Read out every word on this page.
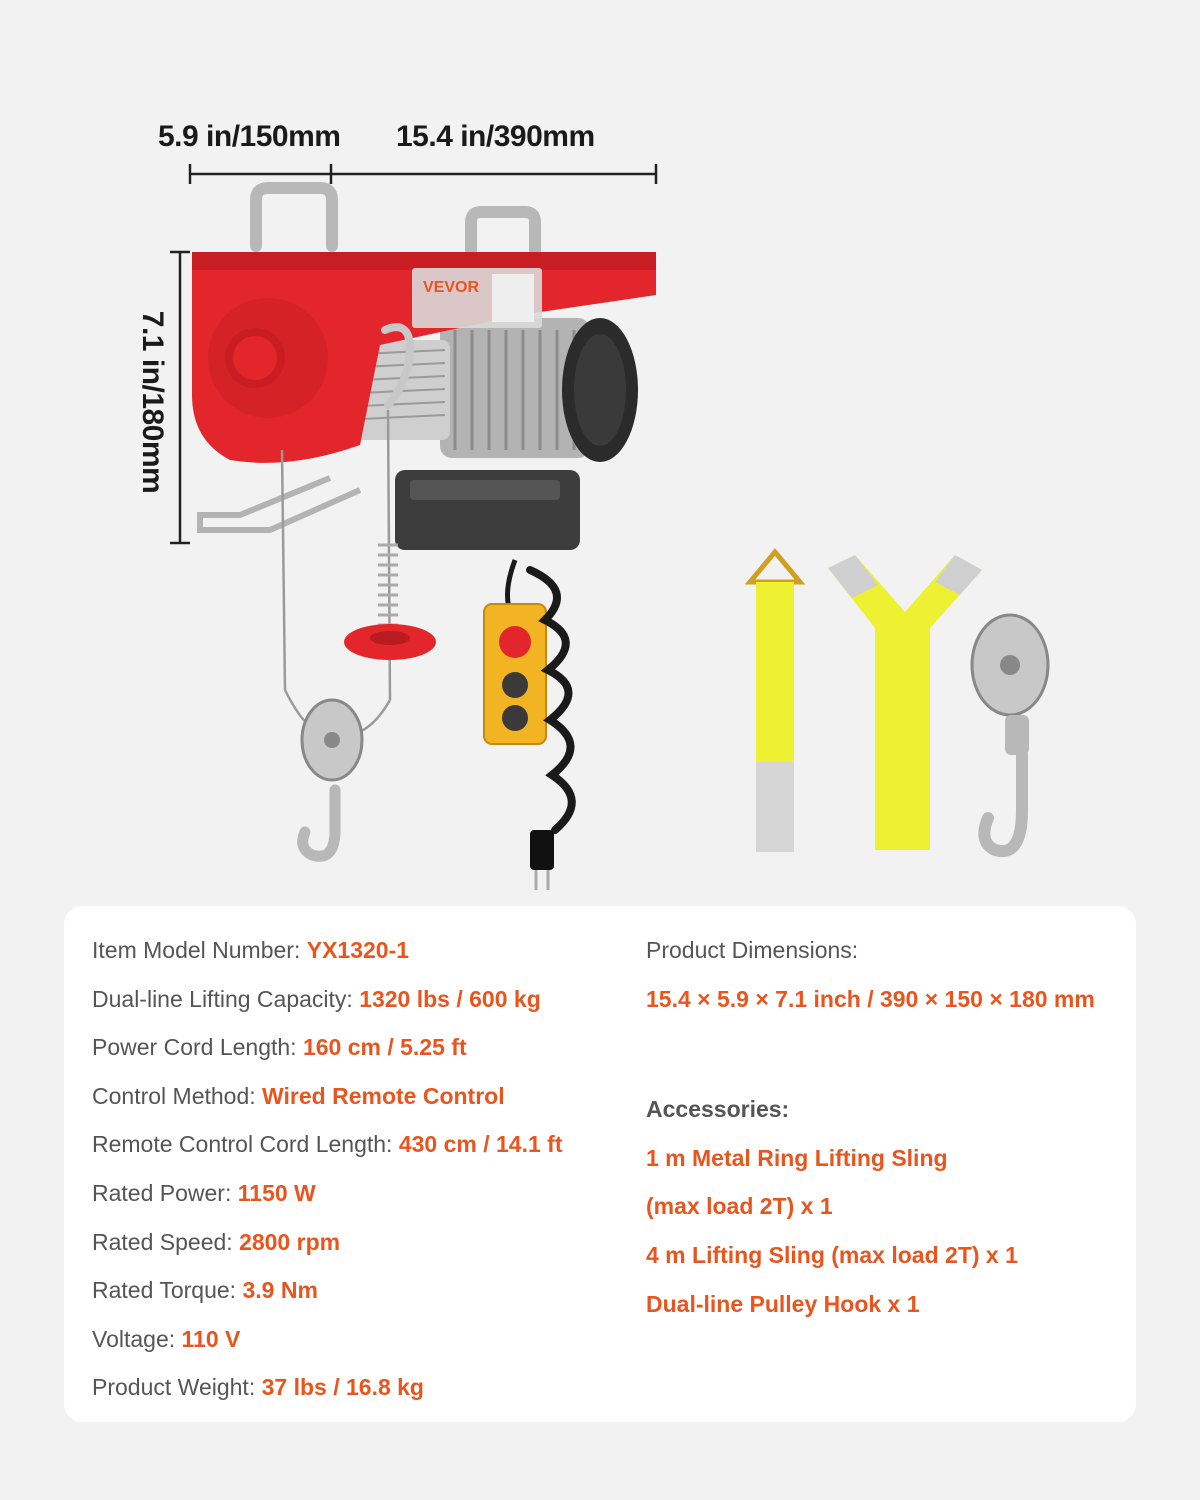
5.9 in/150mm 15.4 in/390mm
7.1 in/180mm
VEVOR
Item Model Number: YX1320-1
Dual-line Lifting Capacity: 1320 lbs / 600 kg
Power Cord Length: 160 cm / 5.25 ft
Control Method: Wired Remote Control
Remote Control Cord Length: 430 cm / 14.1 ft
Rated Power: 1150 W
Rated Speed: 2800 rpm
Rated Torque: 3.9 Nm
Voltage: 110 V
Product Weight: 37 lbs / 16.8 kg
Product Dimensions:
15.4 × 5.9 × 7.1 inch / 390 × 150 × 180 mm
Accessories:
1 m Metal Ring Lifting Sling
(max load 2T) x 1
4 m Lifting Sling (max load 2T) x 1
Dual-line Pulley Hook x 1
